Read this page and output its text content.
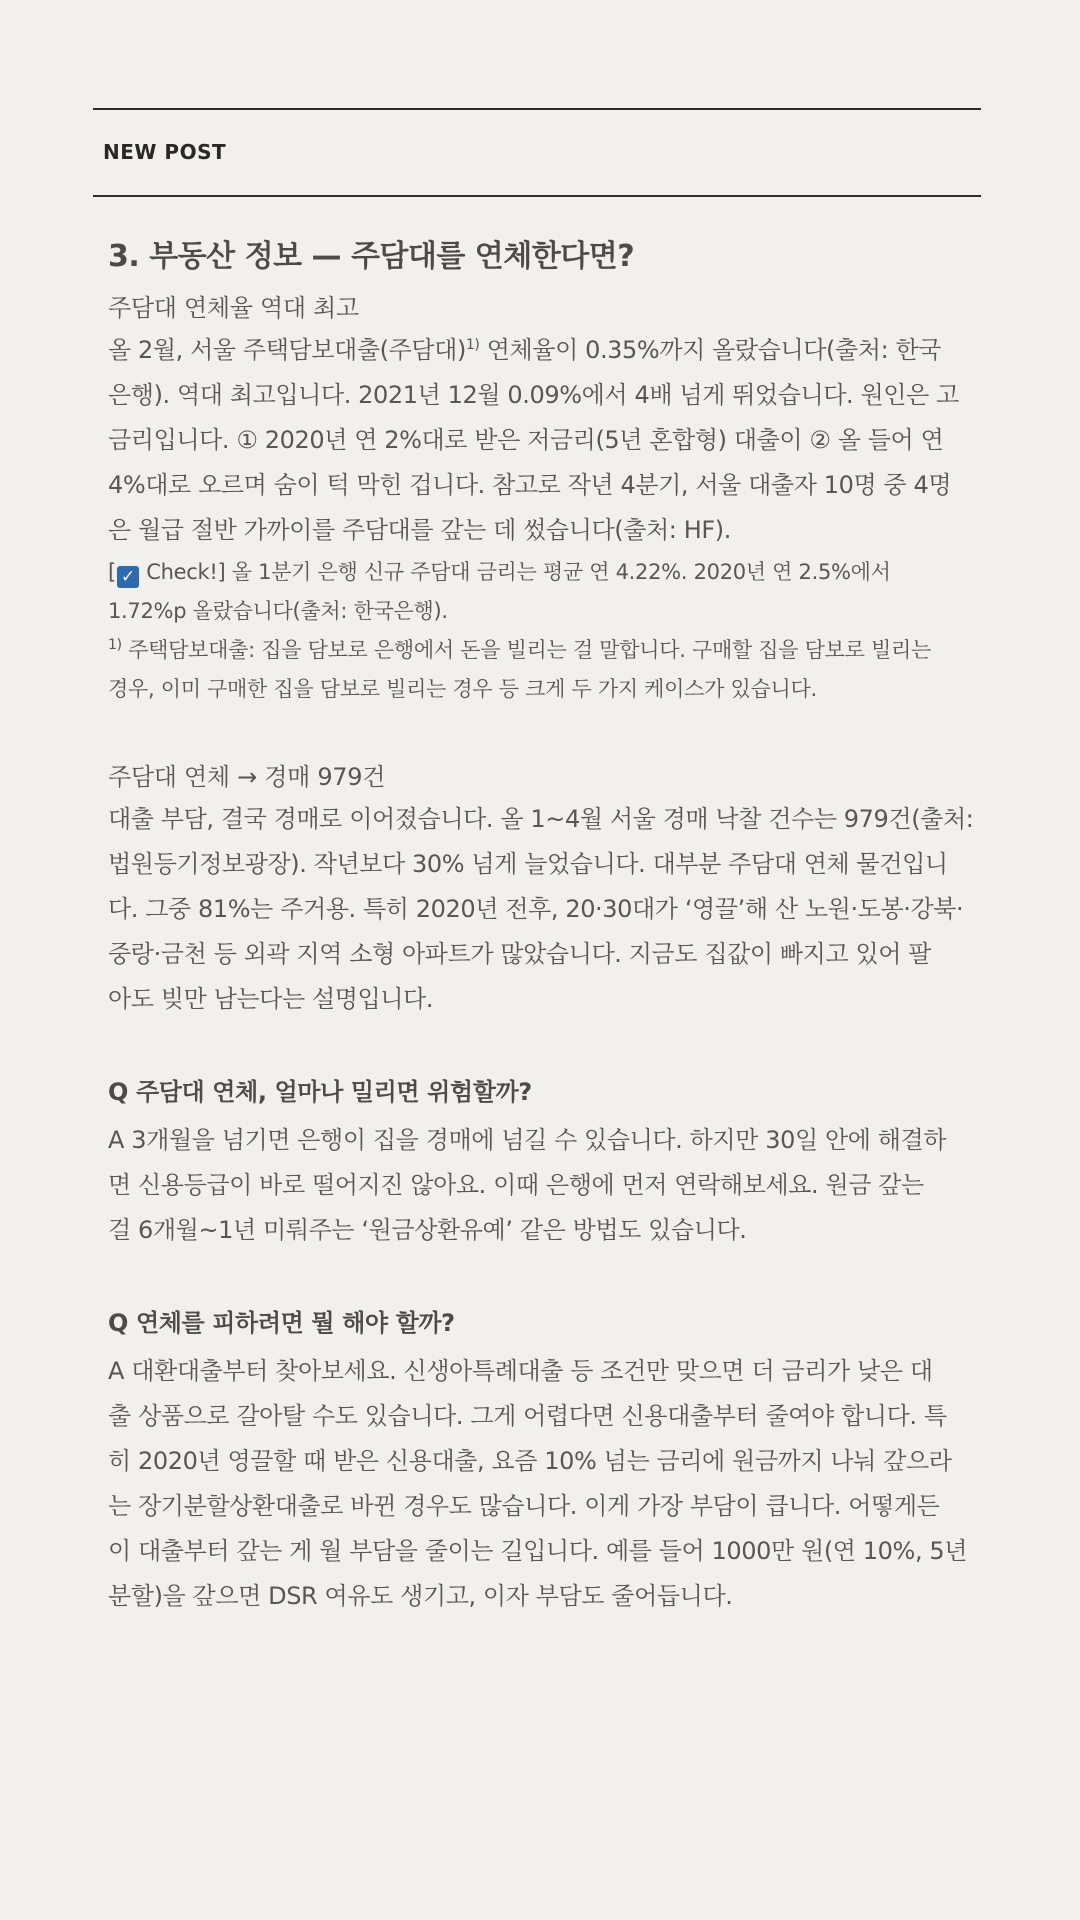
NEW POST
3. 부동산 정보 — 주담대를 연체한다면?

주담대 연체율 역대 최고

올 2월, 서울 주택담보대출(주담대)$^{1)}$ 연체율이 0.35%까지 올랐습니다(출처: 한국
은행). 역대 최고입니다. 2021년 12월 0.09%에서 4배 넘게 뛰었습니다. 원인은 고
금리입니다. ① 2020년 연 2%대로 받은 저금리(5년 혼합형) 대출이 ② 올 들어 연
4%대로 오르며 숨이 턱 막힌 겁니다. 참고로 작년 4분기, 서울 대출자 10명 중 4명
은 월급 절반 가까이를 주담대를 갚는 데 썼습니다(출처: HF).
[ ✓ Check!] 올 1분기 은행 신규 주담대 금리는 평균 연 4.22%. 2020년 연 2.5%에서
1.72%p 올랐습니다(출처: 한국은행).
$^{1)}$ 주택담보대출: 집을 담보로 은행에서 돈을 빌리는 걸 말합니다. 구매할 집을 담보로 빌리는
경우, 이미 구매한 집을 담보로 빌리는 경우 등 크게 두 가지 케이스가 있습니다.

주담대 연체 → 경매 979건

대출 부담, 결국 경매로 이어졌습니다. 올 1~4월 서울 경매 낙찰 건수는 979건(출처:
법원등기정보광장). 작년보다 30% 넘게 늘었습니다. 대부분 주담대 연체 물건입니
다. 그중 81%는 주거용. 특히 2020년 전후, 20·30대가 ‘영끌’해 산 노원·도봉·강북·
중랑·금천 등 외곽 지역 소형 아파트가 많았습니다. 지금도 집값이 빠지고 있어 팔
아도 빚만 남는다는 설명입니다.

Q 주담대 연체, 얼마나 밀리면 위험할까?

A 3개월을 넘기면 은행이 집을 경매에 넘길 수 있습니다. 하지만 30일 안에 해결하
면 신용등급이 바로 떨어지진 않아요. 이때 은행에 먼저 연락해보세요. 원금 갚는
걸 6개월~1년 미뤄주는 ‘원금상환유예’ 같은 방법도 있습니다.

Q 연체를 피하려면 뭘 해야 할까?

A 대환대출부터 찾아보세요. 신생아특례대출 등 조건만 맞으면 더 금리가 낮은 대
출 상품으로 갈아탈 수도 있습니다. 그게 어렵다면 신용대출부터 줄여야 합니다. 특
히 2020년 영끌할 때 받은 신용대출, 요즘 10% 넘는 금리에 원금까지 나눠 갚으라
는 장기분할상환대출로 바뀐 경우도 많습니다. 이게 가장 부담이 큽니다. 어떻게든
이 대출부터 갚는 게 월 부담을 줄이는 길입니다. 예를 들어 1000만 원(연 10%, 5년
분할)을 갚으면 DSR 여유도 생기고, 이자 부담도 줄어듭니다.
